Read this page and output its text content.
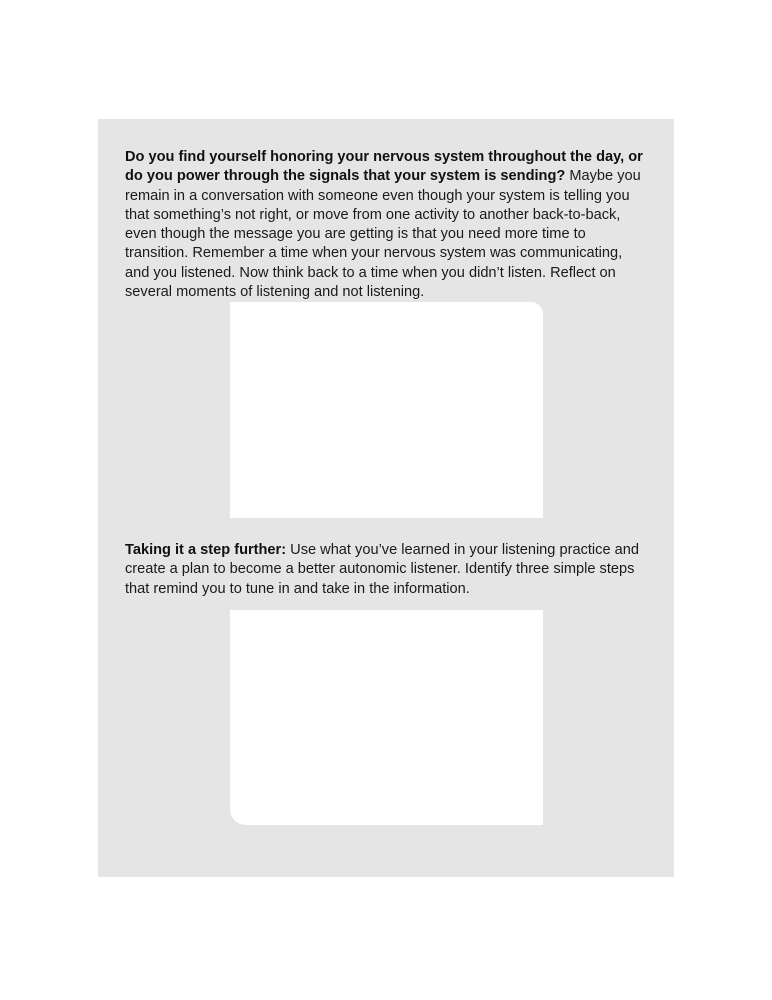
Do you find yourself honoring your nervous system throughout the day, or do you power through the signals that your system is sending? Maybe you remain in a conversation with someone even though your system is telling you that something’s not right, or move from one activity to another back-to-back, even though the message you are getting is that you need more time to transition. Remember a time when your nervous system was communicating, and you listened. Now think back to a time when you didn’t listen. Reflect on several moments of listening and not listening.

Taking it a step further: Use what you’ve learned in your listening practice and create a plan to become a better autonomic listener. Identify three simple steps that remind you to tune in and take in the information.
